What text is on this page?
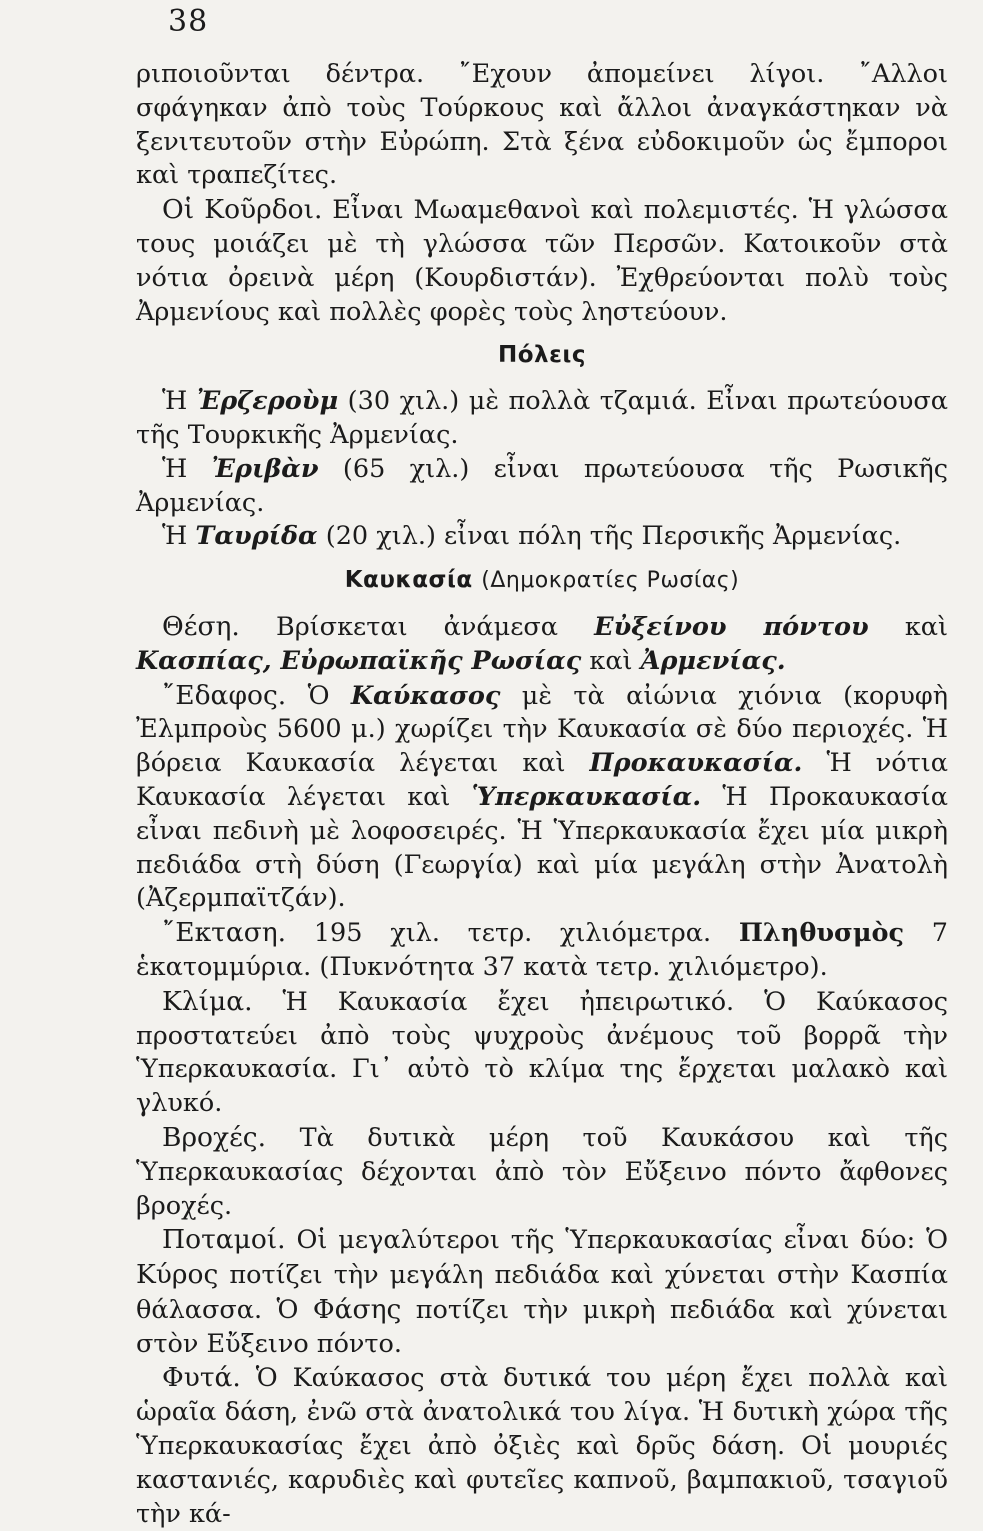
38

ριποιοῦνται δέντρα. ῎Εχουν ἀπομείνει λίγοι. ῎Αλλοι σφάγηκαν ἀπὸ τοὺς Τούρκους καὶ ἄλλοι ἀναγκάστηκαν νὰ ξενιτευτοῦν στὴν Εὐρώπη. Στὰ ξένα εὐδοκιμοῦν ὡς ἔμποροι καὶ τραπεζίτες.

Οἱ Κοῦρδοι. Εἶναι Μωαμεθανοὶ καὶ πολεμιστές. Ἡ γλώσσα τους μοιάζει μὲ τὴ γλώσσα τῶν Περσῶν. Κατοικοῦν στὰ νότια ὀρεινὰ μέρη (Κουρδιστάν). Ἐχθρεύονται πολὺ τοὺς Ἀρμενίους καὶ πολλὲς φορὲς τοὺς ληστεύουν.

Πόλεις

Ἡ Ἐρζεροὺμ (30 χιλ.) μὲ πολλὰ τζαμιά. Εἶναι πρωτεύουσα τῆς Τουρκικῆς Ἀρμενίας.

Ἡ Ἐριβὰν (65 χιλ.) εἶναι πρωτεύουσα τῆς Ρωσικῆς Ἀρμενίας.

Ἡ Ταυρίδα (20 χιλ.) εἶναι πόλη τῆς Περσικῆς Ἀρμενίας.

Καυκασία (Δημοκρατίες Ρωσίας)

Θέση. Βρίσκεται ἀνάμεσα Εὐξείνου πόντου καὶ Κασπίας, Εὐρωπαϊκῆς Ρωσίας καὶ Ἀρμενίας.

῎Εδαφος. Ὁ Καύκασος μὲ τὰ αἰώνια χιόνια (κορυφὴ Ἐλμπροὺς 5600 μ.) χωρίζει τὴν Καυκασία σὲ δύο περιοχές. Ἡ βόρεια Καυκασία λέγεται καὶ Προκαυκασία. Ἡ νότια Καυκασία λέγεται καὶ Ὑπερκαυκασία. Ἡ Προκαυκασία εἶναι πεδινὴ μὲ λοφοσειρές. Ἡ Ὑπερκαυκασία ἔχει μία μικρὴ πεδιάδα στὴ δύση (Γεωργία) καὶ μία μεγάλη στὴν Ἀνατολὴ (Ἀζερμπαϊτζάν).

῎Εκταση. 195 χιλ. τετρ. χιλιόμετρα. Πληθυσμὸς 7 ἑκατομμύρια. (Πυκνότητα 37 κατὰ τετρ. χιλιόμετρο).

Κλίμα. Ἡ Καυκασία ἔχει ἠπειρωτικό. Ὁ Καύκασος προστατεύει ἀπὸ τοὺς ψυχροὺς ἀνέμους τοῦ βορρᾶ τὴν Ὑπερκαυκασία. Γι᾽ αὐτὸ τὸ κλίμα της ἔρχεται μαλακὸ καὶ γλυκό.

Βροχές. Τὰ δυτικὰ μέρη τοῦ Καυκάσου καὶ τῆς Ὑπερκαυκασίας δέχονται ἀπὸ τὸν Εὔξεινο πόντο ἄφθονες βροχές.

Ποταμοί. Οἱ μεγαλύτεροι τῆς Ὑπερκαυκασίας εἶναι δύο: Ὁ Κύρος ποτίζει τὴν μεγάλη πεδιάδα καὶ χύνεται στὴν Κασπία θάλασσα. Ὁ Φάσης ποτίζει τὴν μικρὴ πεδιάδα καὶ χύνεται στὸν Εὔξεινο πόντο.

Φυτά. Ὁ Καύκασος στὰ δυτικά του μέρη ἔχει πολλὰ καὶ ὡραῖα δάση, ἐνῶ στὰ ἀνατολικά του λίγα. Ἡ δυτικὴ χώρα τῆς Ὑπερκαυκασίας ἔχει ἀπὸ ὀξιὲς καὶ δρῦς δάση. Οἱ μουριές καστανιές, καρυδιὲς καὶ φυτεῖες καπνοῦ, βαμπακιοῦ, τσαγιοῦ τὴν κά-
